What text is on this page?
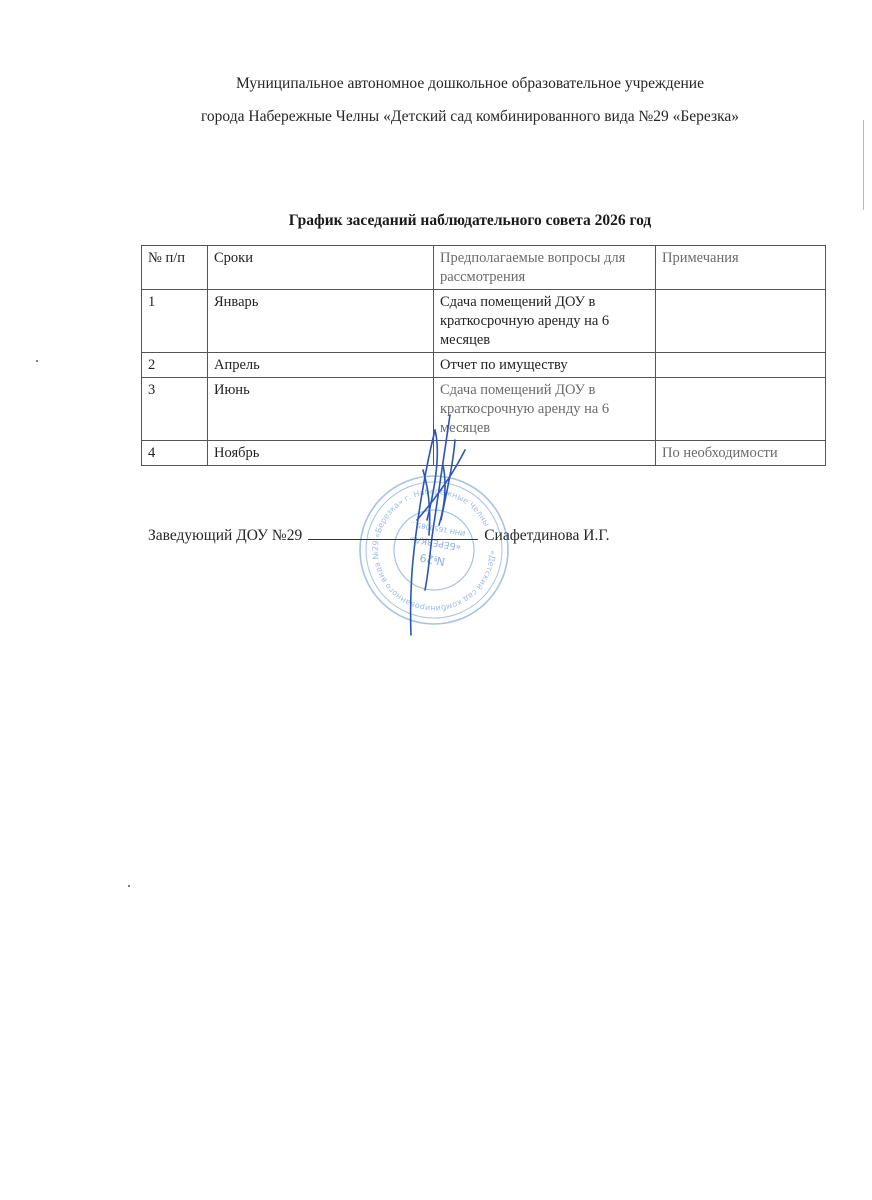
Муниципальное автономное дошкольное образовательное учреждение
города Набережные Челны «Детский сад комбинированного вида №29 «Березка»
График заседаний наблюдательного совета 2026 год
№ п/п	Сроки	Предполагаемые вопросы для рассмотрения	Примечания
1	Январь	Сдача помещений ДОУ в краткосрочную аренду на 6 месяцев	
2	Апрель	Отчет по имуществу	
3	Июнь	Сдача помещений ДОУ в краткосрочную аренду на 6 месяцев	
4	Ноябрь		По необходимости
«Детский сад комбинированного вида №29 «Березка» г. Набережные Челны
№29
«БЕРЕЗКА»
ИНН 1650085...
Заведующий ДОУ №29	Сиафетдинова И.Г.
